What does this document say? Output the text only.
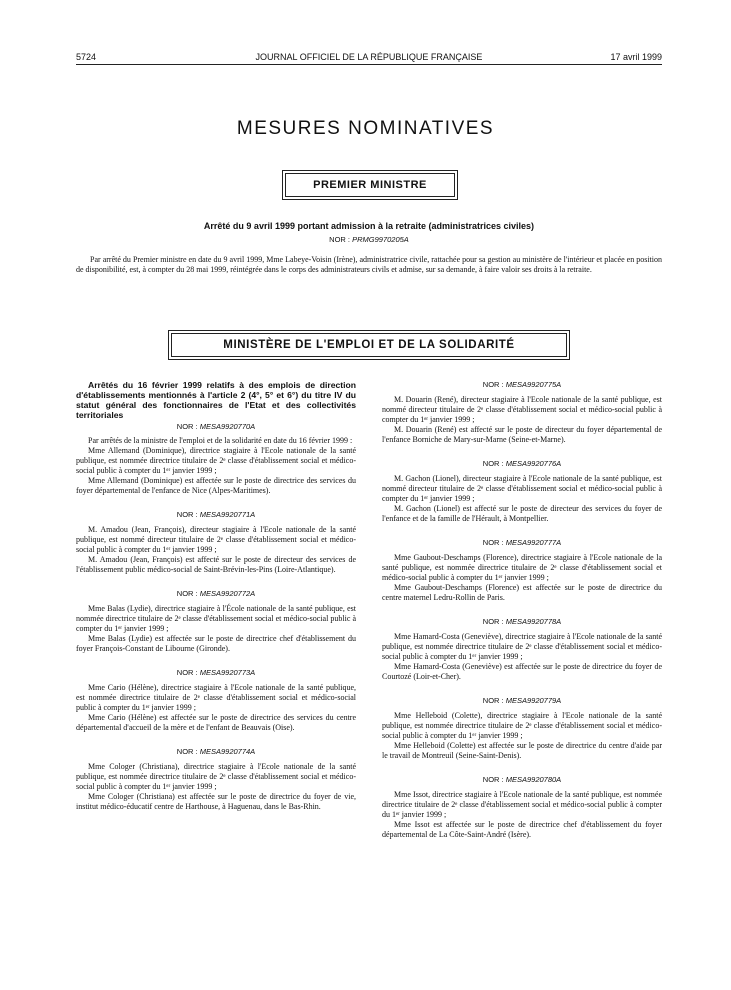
5724	JOURNAL OFFICIEL DE LA RÉPUBLIQUE FRANÇAISE	17 avril 1999
MESURES NOMINATIVES
PREMIER MINISTRE
Arrêté du 9 avril 1999 portant admission à la retraite (administratrices civiles)
NOR : PRMG9970205A
Par arrêté du Premier ministre en date du 9 avril 1999, Mme Labeye-Voisin (Irène), administratrice civile, rattachée pour sa gestion au ministère de l'intérieur et placée en position de disponibilité, est, à compter du 28 mai 1999, réintégrée dans le corps des administrateurs civils et admise, sur sa demande, à faire valoir ses droits à la retraite.
MINISTÈRE DE L'EMPLOI ET DE LA SOLIDARITÉ

Arrêtés du 16 février 1999 relatifs à des emplois de direction d'établissements mentionnés à l'article 2 (4°, 5° et 6°) du titre IV du statut général des fonctionnaires de l'Etat et des collectivités territoriales

NOR : MESA9920770A

Par arrêtés de la ministre de l'emploi et de la solidarité en date du 16 février 1999 :

Mme Allemand (Dominique), directrice stagiaire à l'Ecole nationale de la santé publique, est nommée directrice titulaire de 2ᵉ classe d'établissement social et médico-social public à compter du 1ᵉʳ janvier 1999 ;

Mme Allemand (Dominique) est affectée sur le poste de directrice des services du foyer départemental de l'enfance de Nice (Alpes-Maritimes).

NOR : MESA9920771A

M. Amadou (Jean, François), directeur stagiaire à l'Ecole nationale de la santé publique, est nommé directeur titulaire de 2ᵉ classe d'établissement social et médico-social public à compter du 1ᵉʳ janvier 1999 ;

M. Amadou (Jean, François) est affecté sur le poste de directeur des services de l'établissement public médico-social de Saint-Brévin-les-Pins (Loire-Atlantique).

NOR : MESA9920772A

Mme Balas (Lydie), directrice stagiaire à l'École nationale de la santé publique, est nommée directrice titulaire de 2ᵉ classe d'établissement social et médico-social public à compter du 1ᵉʳ janvier 1999 ;

Mme Balas (Lydie) est affectée sur le poste de directrice chef d'établissement du foyer François-Constant de Libourne (Gironde).

NOR : MESA9920773A

Mme Cario (Hélène), directrice stagiaire à l'Ecole nationale de la santé publique, est nommée directrice titulaire de 2ᵉ classe d'établissement social et médico-social public à compter du 1ᵉʳ janvier 1999 ;

Mme Cario (Hélène) est affectée sur le poste de directrice des services du centre départemental d'accueil de la mère et de l'enfant de Beauvais (Oise).

NOR : MESA9920774A

Mme Cologer (Christiana), directrice stagiaire à l'Ecole nationale de la santé publique, est nommée directrice titulaire de 2ᵉ classe d'établissement social et médico-social public à compter du 1ᵉʳ janvier 1999 ;

Mme Cologer (Christiana) est affectée sur le poste de directrice du foyer de vie, institut médico-éducatif centre de Harthouse, à Haguenau, dans le Bas-Rhin.

NOR : MESA9920775A

M. Douarin (René), directeur stagiaire à l'Ecole nationale de la santé publique, est nommé directeur titulaire de 2ᵉ classe d'établissement social et médico-social public à compter du 1ᵉʳ janvier 1999 ;

M. Douarin (René) est affecté sur le poste de directeur du foyer départemental de l'enfance Borniche de Mary-sur-Marne (Seine-et-Marne).

NOR : MESA9920776A

M. Gachon (Lionel), directeur stagiaire à l'Ecole nationale de la santé publique, est nommé directeur titulaire de 2ᵉ classe d'établissement social et médico-social public à compter du 1ᵉʳ janvier 1999 ;

M. Gachon (Lionel) est affecté sur le poste de directeur des services du foyer de l'enfance et de la famille de l'Hérault, à Montpellier.

NOR : MESA9920777A

Mme Gaubout-Deschamps (Florence), directrice stagiaire à l'Ecole nationale de la santé publique, est nommée directrice titulaire de 2ᵉ classe d'établissement social et médico-social public à compter du 1ᵉʳ janvier 1999 ;

Mme Gaubout-Deschamps (Florence) est affectée sur le poste de directrice du centre maternel Ledru-Rollin de Paris.

NOR : MESA9920778A

Mme Hamard-Costa (Geneviève), directrice stagiaire à l'Ecole nationale de la santé publique, est nommée directrice titulaire de 2ᵉ classe d'établissement social et médico-social public à compter du 1ᵉʳ janvier 1999 ;

Mme Hamard-Costa (Geneviève) est affectée sur le poste de directrice du foyer de Courtozé (Loir-et-Cher).

NOR : MESA9920779A

Mme Helleboid (Colette), directrice stagiaire à l'Ecole nationale de la santé publique, est nommée directrice titulaire de 2ᵉ classe d'établissement social et médico-social public à compter du 1ᵉʳ janvier 1999 ;

Mme Helleboid (Colette) est affectée sur le poste de directrice du centre d'aide par le travail de Montreuil (Seine-Saint-Denis).

NOR : MESA9920780A

Mme Issot, directrice stagiaire à l'Ecole nationale de la santé publique, est nommée directrice titulaire de 2ᵉ classe d'établissement social et médico-social public à compter du 1ᵉʳ janvier 1999 ;

Mme Issot est affectée sur le poste de directrice chef d'établissement du foyer départemental de La Côte-Saint-André (Isère).
